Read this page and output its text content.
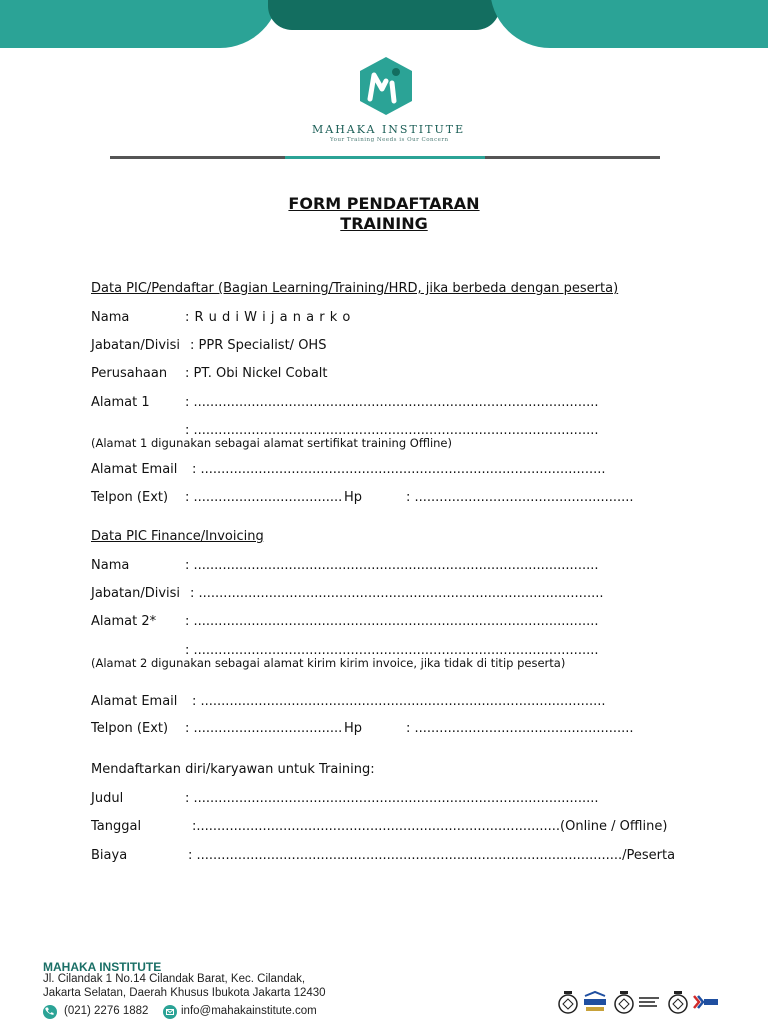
MAHAKA INSTITUTE
Your Training Needs is Our Concern
FORM PENDAFTARAN
TRAINING
Data PIC/Pendaftar (Bagian Learning/Training/HRD, jika berbeda dengan peserta)
Nama	: R u d i W i j a n a r k o
Jabatan/Divisi : PPR Specialist/ OHS
Perusahaan : PT. Obi Nickel Cobalt
Alamat 1	: ..................................................................................................
: ..................................................................................................
(Alamat 1 digunakan sebagai alamat sertifikat training Offline)
Alamat Email : ..................................................................................................
Telpon (Ext) : .................................... Hp	: .....................................................
Data PIC Finance/Invoicing
Nama	: ..................................................................................................
Jabatan/Divisi : ..................................................................................................
Alamat 2* : ..................................................................................................
: ..................................................................................................
(Alamat 2 digunakan sebagai alamat kirim kirim invoice, jika tidak di titip peserta)
Alamat Email : ..................................................................................................
Telpon (Ext) : .................................... Hp	: .....................................................
Mendaftarkan diri/karyawan untuk Training:
Judul	: ..................................................................................................
Tanggal	:........................................................................................(Online / Offline)
Biaya	: ......................................................................................................./Peserta
MAHAKA INSTITUTE
Jl. Cilandak 1 No.14 Cilandak Barat, Kec. Cilandak,
Jakarta Selatan, Daerah Khusus Ibukota Jakarta 12430
(021) 2276 1882	info@mahakainstitute.com
